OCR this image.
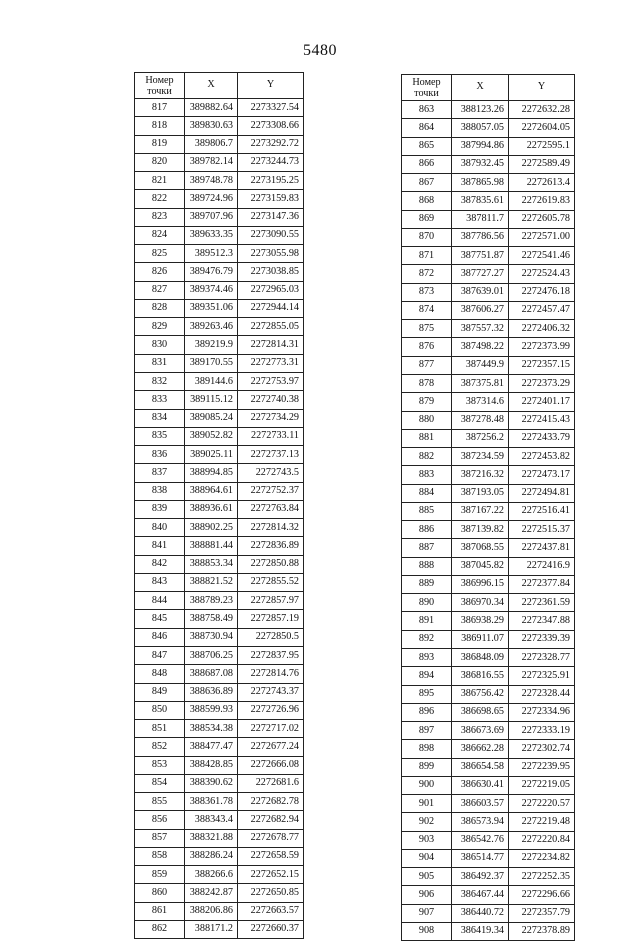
5480
Номер
точки	X	Y
817	389882.64	2273327.54
818	389830.63	2273308.66
819	389806.7	2273292.72
820	389782.14	2273244.73
821	389748.78	2273195.25
822	389724.96	2273159.83
823	389707.96	2273147.36
824	389633.35	2273090.55
825	389512.3	2273055.98
826	389476.79	2273038.85
827	389374.46	2272965.03
828	389351.06	2272944.14
829	389263.46	2272855.05
830	389219.9	2272814.31
831	389170.55	2272773.31
832	389144.6	2272753.97
833	389115.12	2272740.38
834	389085.24	2272734.29
835	389052.82	2272733.11
836	389025.11	2272737.13
837	388994.85	2272743.5
838	388964.61	2272752.37
839	388936.61	2272763.84
840	388902.25	2272814.32
841	388881.44	2272836.89
842	388853.34	2272850.88
843	388821.52	2272855.52
844	388789.23	2272857.97
845	388758.49	2272857.19
846	388730.94	2272850.5
847	388706.25	2272837.95
848	388687.08	2272814.76
849	388636.89	2272743.37
850	388599.93	2272726.96
851	388534.38	2272717.02
852	388477.47	2272677.24
853	388428.85	2272666.08
854	388390.62	2272681.6
855	388361.78	2272682.78
856	388343.4	2272682.94
857	388321.88	2272678.77
858	388286.24	2272658.59
859	388266.6	2272652.15
860	388242.87	2272650.85
861	388206.86	2272663.57
862	388171.2	2272660.37
Номер
точки	X	Y
863	388123.26	2272632.28
864	388057.05	2272604.05
865	387994.86	2272595.1
866	387932.45	2272589.49
867	387865.98	2272613.4
868	387835.61	2272619.83
869	387811.7	2272605.78
870	387786.56	2272571.00
871	387751.87	2272541.46
872	387727.27	2272524.43
873	387639.01	2272476.18
874	387606.27	2272457.47
875	387557.32	2272406.32
876	387498.22	2272373.99
877	387449.9	2272357.15
878	387375.81	2272373.29
879	387314.6	2272401.17
880	387278.48	2272415.43
881	387256.2	2272433.79
882	387234.59	2272453.82
883	387216.32	2272473.17
884	387193.05	2272494.81
885	387167.22	2272516.41
886	387139.82	2272515.37
887	387068.55	2272437.81
888	387045.82	2272416.9
889	386996.15	2272377.84
890	386970.34	2272361.59
891	386938.29	2272347.88
892	386911.07	2272339.39
893	386848.09	2272328.77
894	386816.55	2272325.91
895	386756.42	2272328.44
896	386698.65	2272334.96
897	386673.69	2272333.19
898	386662.28	2272302.74
899	386654.58	2272239.95
900	386630.41	2272219.05
901	386603.57	2272220.57
902	386573.94	2272219.48
903	386542.76	2272220.84
904	386514.77	2272234.82
905	386492.37	2272252.35
906	386467.44	2272296.66
907	386440.72	2272357.79
908	386419.34	2272378.89
